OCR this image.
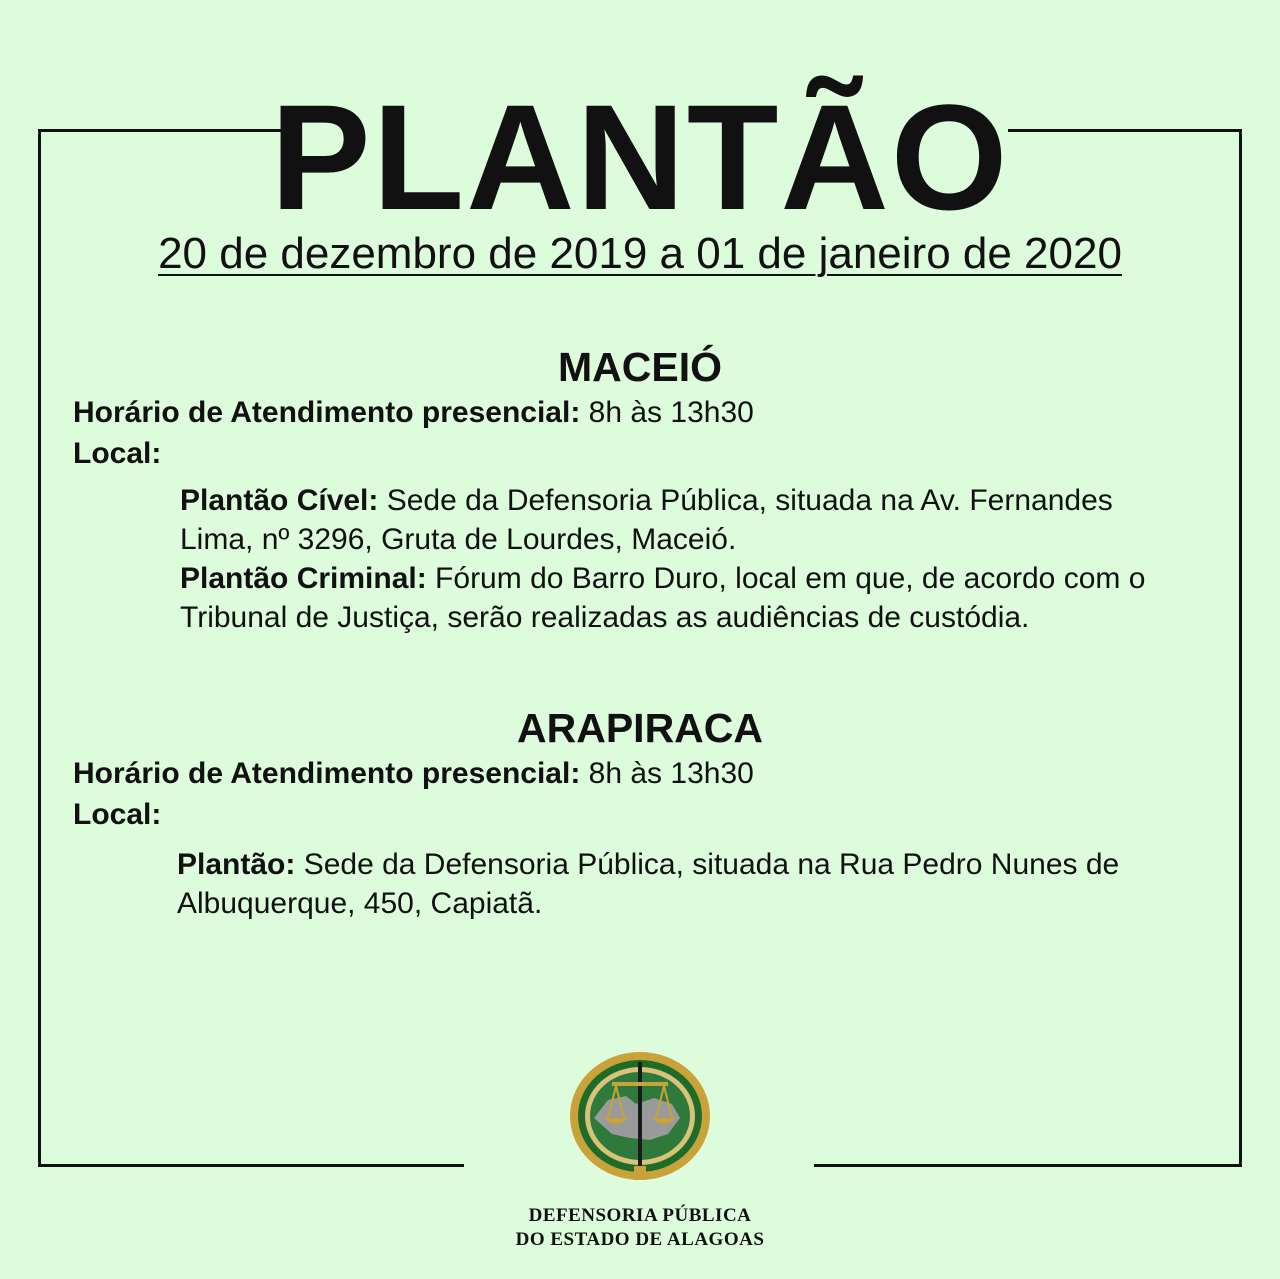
PLANTÃO
20 de dezembro de 2019 a 01 de janeiro de 2020
MACEIÓ
Horário de Atendimento presencial: 8h às 13h30
Local:
Plantão Cível: Sede da Defensoria Pública, situada na Av. Fernandes Lima, nº 3296, Gruta de Lourdes, Maceió.
Plantão Criminal: Fórum do Barro Duro, local em que, de acordo com o Tribunal de Justiça, serão realizadas as audiências de custódia.
ARAPIRACA
Horário de Atendimento presencial: 8h às 13h30
Local:
Plantão: Sede da Defensoria Pública, situada na Rua Pedro Nunes de Albuquerque, 450, Capiatã.
DEFENSORIA PÚBLICA
DO ESTADO DE ALAGOAS
